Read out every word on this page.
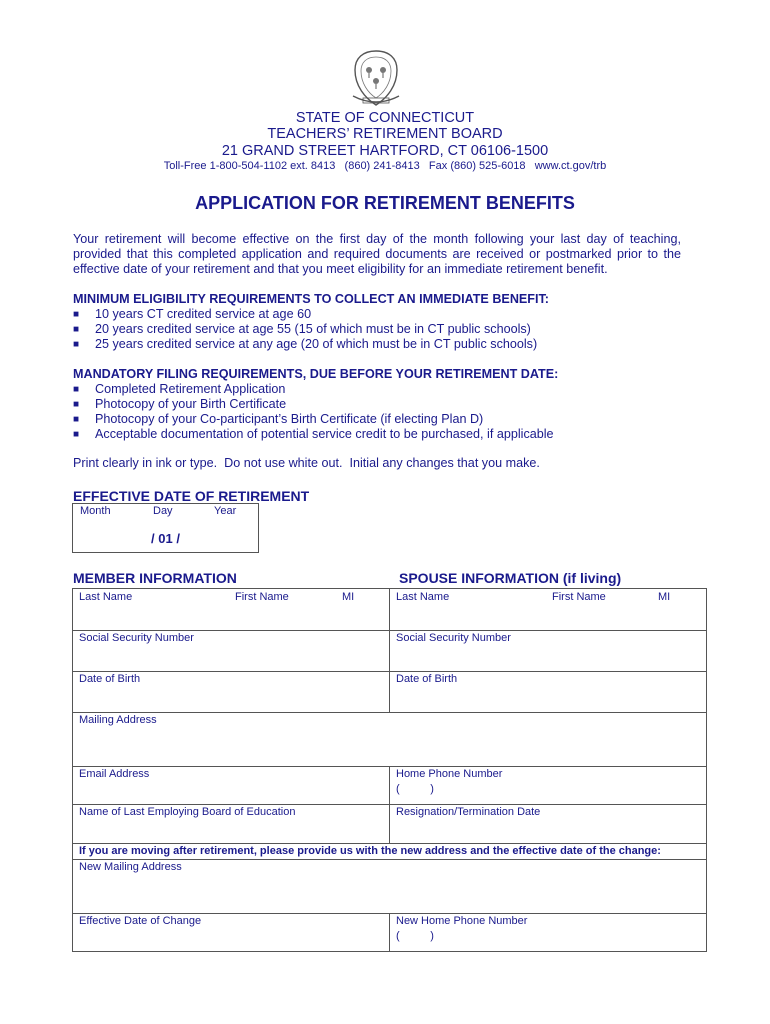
STATE OF CONNECTICUT
TEACHERS’ RETIREMENT BOARD
21 GRAND STREET HARTFORD, CT 06106-1500
Toll-Free 1-800-504-1102 ext. 8413   (860) 241-8413   Fax (860) 525-6018   www.ct.gov/trb
APPLICATION FOR RETIREMENT BENEFITS
Your retirement will become effective on the first day of the month following your last day of teaching,
provided that this completed application and required documents are received or postmarked prior to the
effective date of your retirement and that you meet eligibility for an immediate retirement benefit.
MINIMUM ELIGIBILITY REQUIREMENTS TO COLLECT AN IMMEDIATE BENEFIT:
■ 10 years CT credited service at age 60
■ 20 years credited service at age 55 (15 of which must be in CT public schools)
■ 25 years credited service at any age (20 of which must be in CT public schools)
MANDATORY FILING REQUIREMENTS, DUE BEFORE YOUR RETIREMENT DATE:
■ Completed Retirement Application
■ Photocopy of your Birth Certificate
■ Photocopy of your Co-participant’s Birth Certificate (if electing Plan D)
■ Acceptable documentation of potential service credit to be purchased, if applicable
Print clearly in ink or type.  Do not use white out.  Initial any changes that you make.
EFFECTIVE DATE OF RETIREMENT
Month	Day	Year
/ 01 /
MEMBER INFORMATION	SPOUSE INFORMATION (if living)
Last Name	First Name	MI	Last Name	First Name	MI
Social Security Number	Social Security Number
Date of Birth	Date of Birth
Mailing Address
Email Address	Home Phone Number
(          )
Name of Last Employing Board of Education	Resignation/Termination Date
If you are moving after retirement, please provide us with the new address and the effective date of the change:
New Mailing Address
Effective Date of Change	New Home Phone Number
(          )
